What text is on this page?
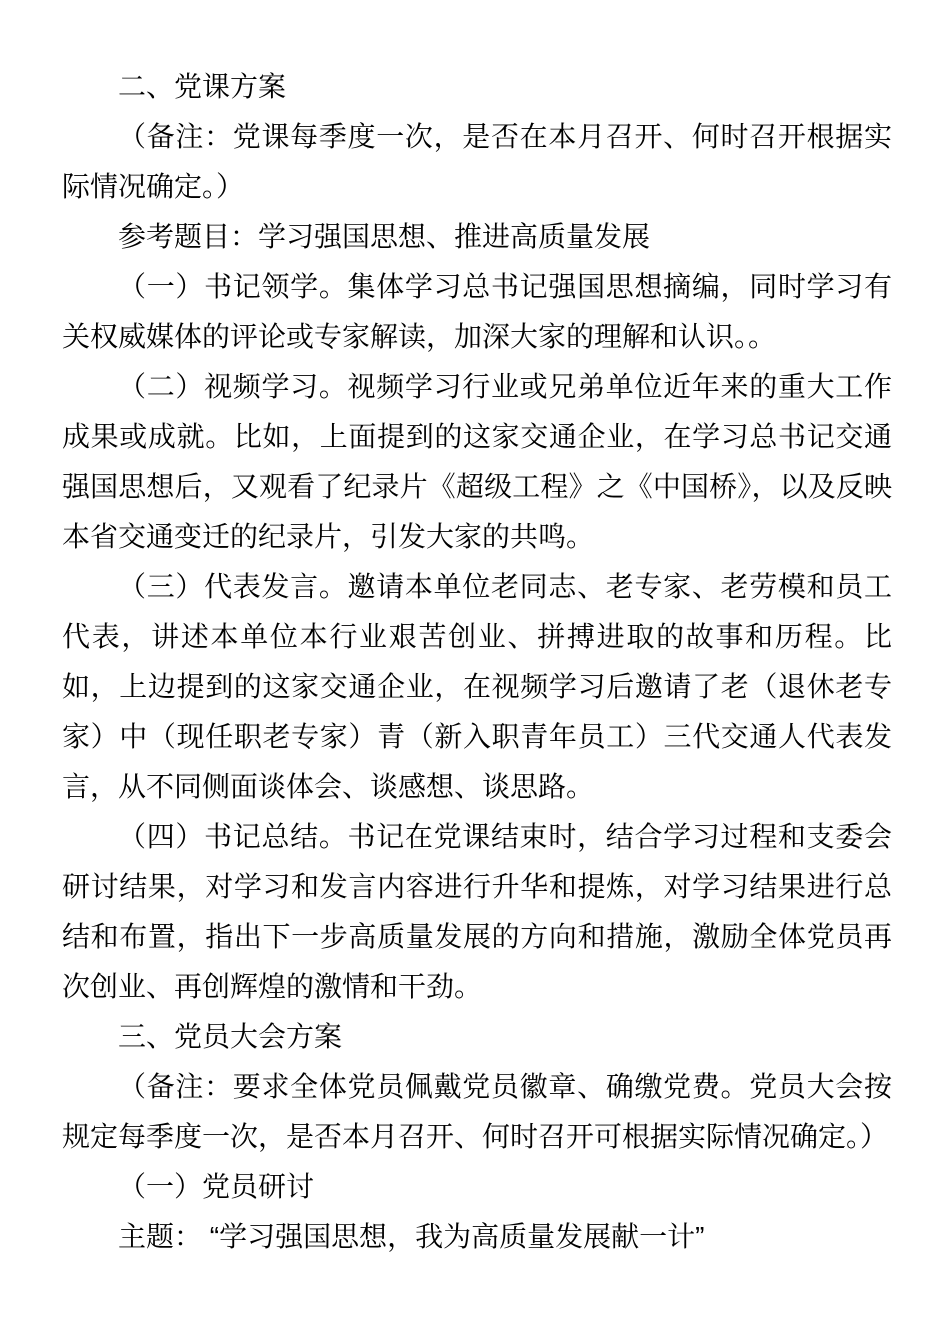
二、党课方案

（备注：党课每季度一次，是否在本月召开、何时召开根据实际情况确定。）

参考题目：学习强国思想、推进高质量发展

（一）书记领学。集体学习总书记强国思想摘编，同时学习有关权威媒体的评论或专家解读，加深大家的理解和认识。。

（二）视频学习。视频学习行业或兄弟单位近年来的重大工作成果或成就。比如，上面提到的这家交通企业，在学习总书记交通强国思想后，又观看了纪录片《超级工程》之《中国桥》，以及反映本省交通变迁的纪录片，引发大家的共鸣。

（三）代表发言。邀请本单位老同志、老专家、老劳模和员工代表，讲述本单位本行业艰苦创业、拼搏进取的故事和历程。比如，上边提到的这家交通企业，在视频学习后邀请了老（退休老专家）中（现任职老专家）青（新入职青年员工）三代交通人代表发言，从不同侧面谈体会、谈感想、谈思路。

（四）书记总结。书记在党课结束时，结合学习过程和支委会研讨结果，对学习和发言内容进行升华和提炼，对学习结果进行总结和布置，指出下一步高质量发展的方向和措施，激励全体党员再次创业、再创辉煌的激情和干劲。

三、党员大会方案

（备注：要求全体党员佩戴党员徽章、确缴党费。党员大会按规定每季度一次，是否本月召开、何时召开可根据实际情况确定。）

（一）党员研讨

主题： “学习强国思想，我为高质量发展献一计”
